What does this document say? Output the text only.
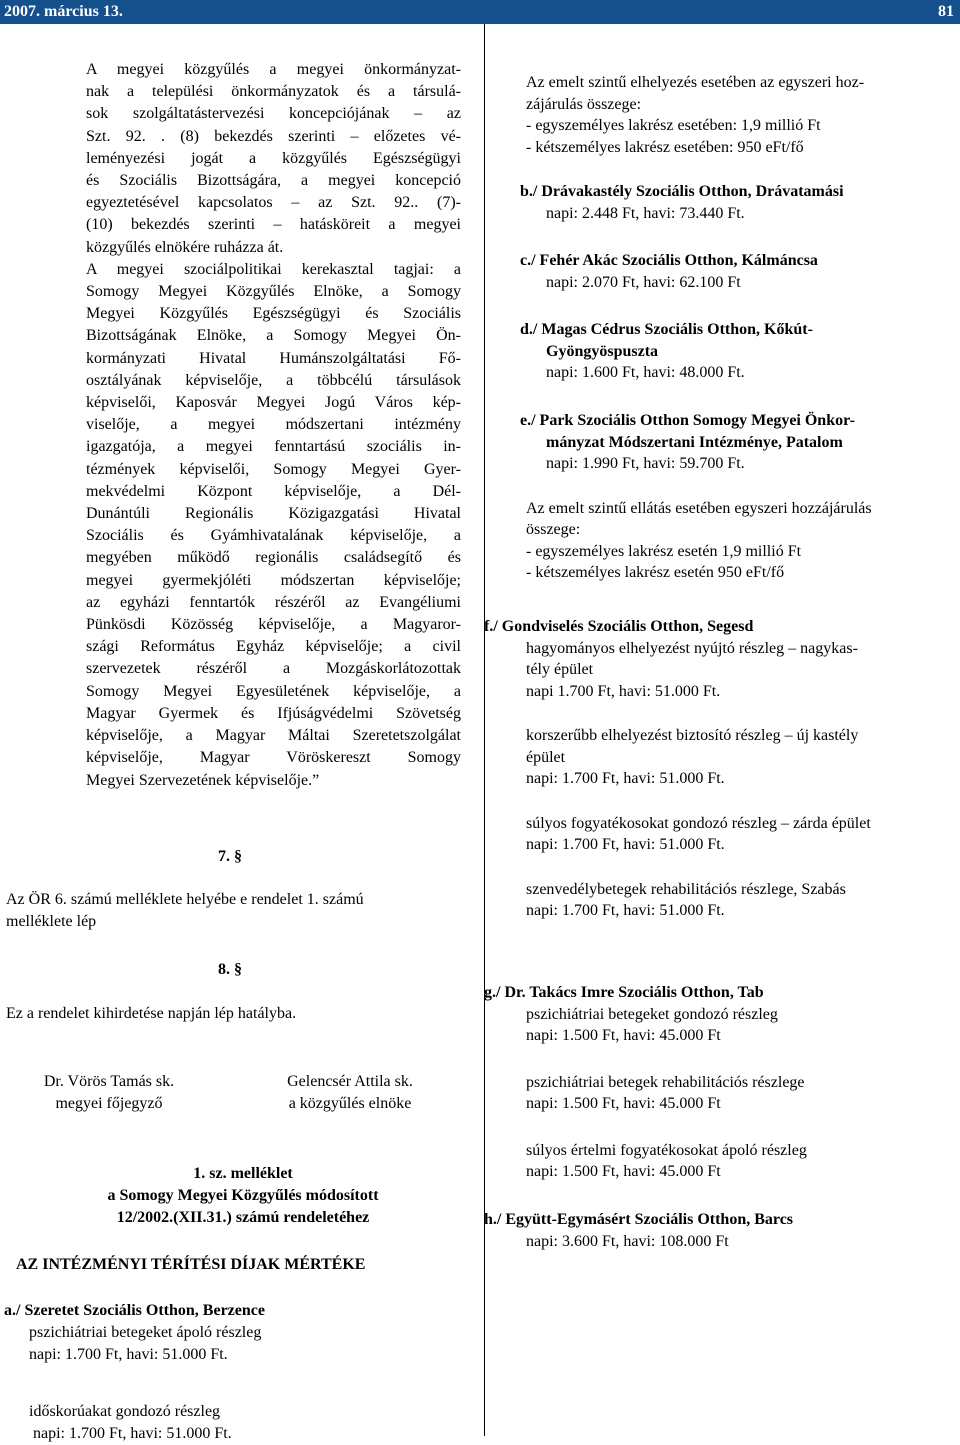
2007. március 13.	81
A megyei közgyűlés a megyei önkormányzat-
nak a települési önkormányzatok és a társulá-
sok szolgáltatástervezési koncepciójának – az
Szt. 92. . (8) bekezdés szerinti – előzetes vé-
leményezési jogát a közgyűlés Egészségügyi
és Szociális Bizottságára, a megyei koncepció
egyeztetésével kapcsolatos – az Szt. 92.. (7)-
(10) bekezdés szerinti – hatásköreit a megyei
közgyűlés elnökére ruházza át.
A megyei szociálpolitikai kerekasztal tagjai: a
Somogy Megyei Közgyűlés Elnöke, a Somogy
Megyei Közgyűlés Egészségügyi és Szociális
Bizottságának Elnöke, a Somogy Megyei Ön-
kormányzati Hivatal Humánszolgáltatási Fő-
osztályának képviselője, a többcélú társulások
képviselői, Kaposvár Megyei Jogú Város kép-
viselője, a megyei módszertani intézmény
igazgatója, a megyei fenntartású szociális in-
tézmények képviselői, Somogy Megyei Gyer-
mekvédelmi Központ képviselője, a Dél-
Dunántúli Regionális Közigazgatási Hivatal
Szociális és Gyámhivatalának képviselője, a
megyében működő regionális családsegítő és
megyei gyermekjóléti módszertan képviselője;
az egyházi fenntartók részéről az Evangéliumi
Pünkösdi Közösség képviselője, a Magyaror-
szági Református Egyház képviselője; a civil
szervezetek részéről a Mozgáskorlátozottak
Somogy Megyei Egyesületének képviselője, a
Magyar Gyermek és Ifjúságvédelmi Szövetség
képviselője, a Magyar Máltai Szeretetszolgálat
képviselője, Magyar Vöröskereszt Somogy
Megyei Szervezetének képviselője.”
7. §
Az ÖR 6. számú melléklete helyébe e rendelet 1. számú
melléklete lép
8. §
Ez a rendelet kihirdetése napján lép hatályba.
Dr. Vörös Tamás sk.
megyei főjegyző
Gelencsér Attila sk.
a közgyűlés elnöke
1. sz. melléklet
a Somogy Megyei Közgyűlés módosított
12/2002.(XII.31.) számú rendeletéhez
AZ INTÉZMÉNYI TÉRÍTÉSI DÍJAK MÉRTÉKE
a./ Szeretet Szociális Otthon, Berzence
pszichiátriai betegeket ápoló részleg
napi: 1.700 Ft, havi: 51.000 Ft.
időskorúakat gondozó részleg
napi: 1.700 Ft, havi: 51.000 Ft.
Az emelt szintű elhelyezés esetében az egyszeri hoz-
zájárulás összege:
- egyszemélyes lakrész esetében: 1,9 millió Ft
- kétszemélyes lakrész esetében: 950 eFt/fő
b./ Drávakastély Szociális Otthon, Drávatamási
napi: 2.448 Ft, havi: 73.440 Ft.
c./ Fehér Akác Szociális Otthon, Kálmáncsa
napi: 2.070 Ft, havi: 62.100 Ft
d./ Magas Cédrus Szociális Otthon, Kőkút-
Gyöngyöspuszta
napi: 1.600 Ft, havi: 48.000 Ft.
e./ Park Szociális Otthon Somogy Megyei Önkor-
mányzat Módszertani Intézménye, Patalom
napi: 1.990 Ft, havi: 59.700 Ft.
Az emelt szintű ellátás esetében egyszeri hozzájárulás
összege:
- egyszemélyes lakrész esetén 1,9 millió Ft
- kétszemélyes lakrész esetén 950 eFt/fő
f./ Gondviselés Szociális Otthon, Segesd
hagyományos elhelyezést nyújtó részleg – nagykas-
tély épület
napi 1.700 Ft, havi: 51.000 Ft.
korszerűbb elhelyezést biztosító részleg – új kastély
épület
napi: 1.700 Ft, havi: 51.000 Ft.
súlyos fogyatékosokat gondozó részleg – zárda épület
napi: 1.700 Ft, havi: 51.000 Ft.
szenvedélybetegek rehabilitációs részlege, Szabás
napi: 1.700 Ft, havi: 51.000 Ft.
g./ Dr. Takács Imre Szociális Otthon, Tab
pszichiátriai betegeket gondozó részleg
napi: 1.500 Ft, havi: 45.000 Ft
pszichiátriai betegek rehabilitációs részlege
napi: 1.500 Ft, havi: 45.000 Ft
súlyos értelmi fogyatékosokat ápoló részleg
napi: 1.500 Ft, havi: 45.000 Ft
h./ Együtt-Egymásért Szociális Otthon, Barcs
napi: 3.600 Ft, havi: 108.000 Ft
